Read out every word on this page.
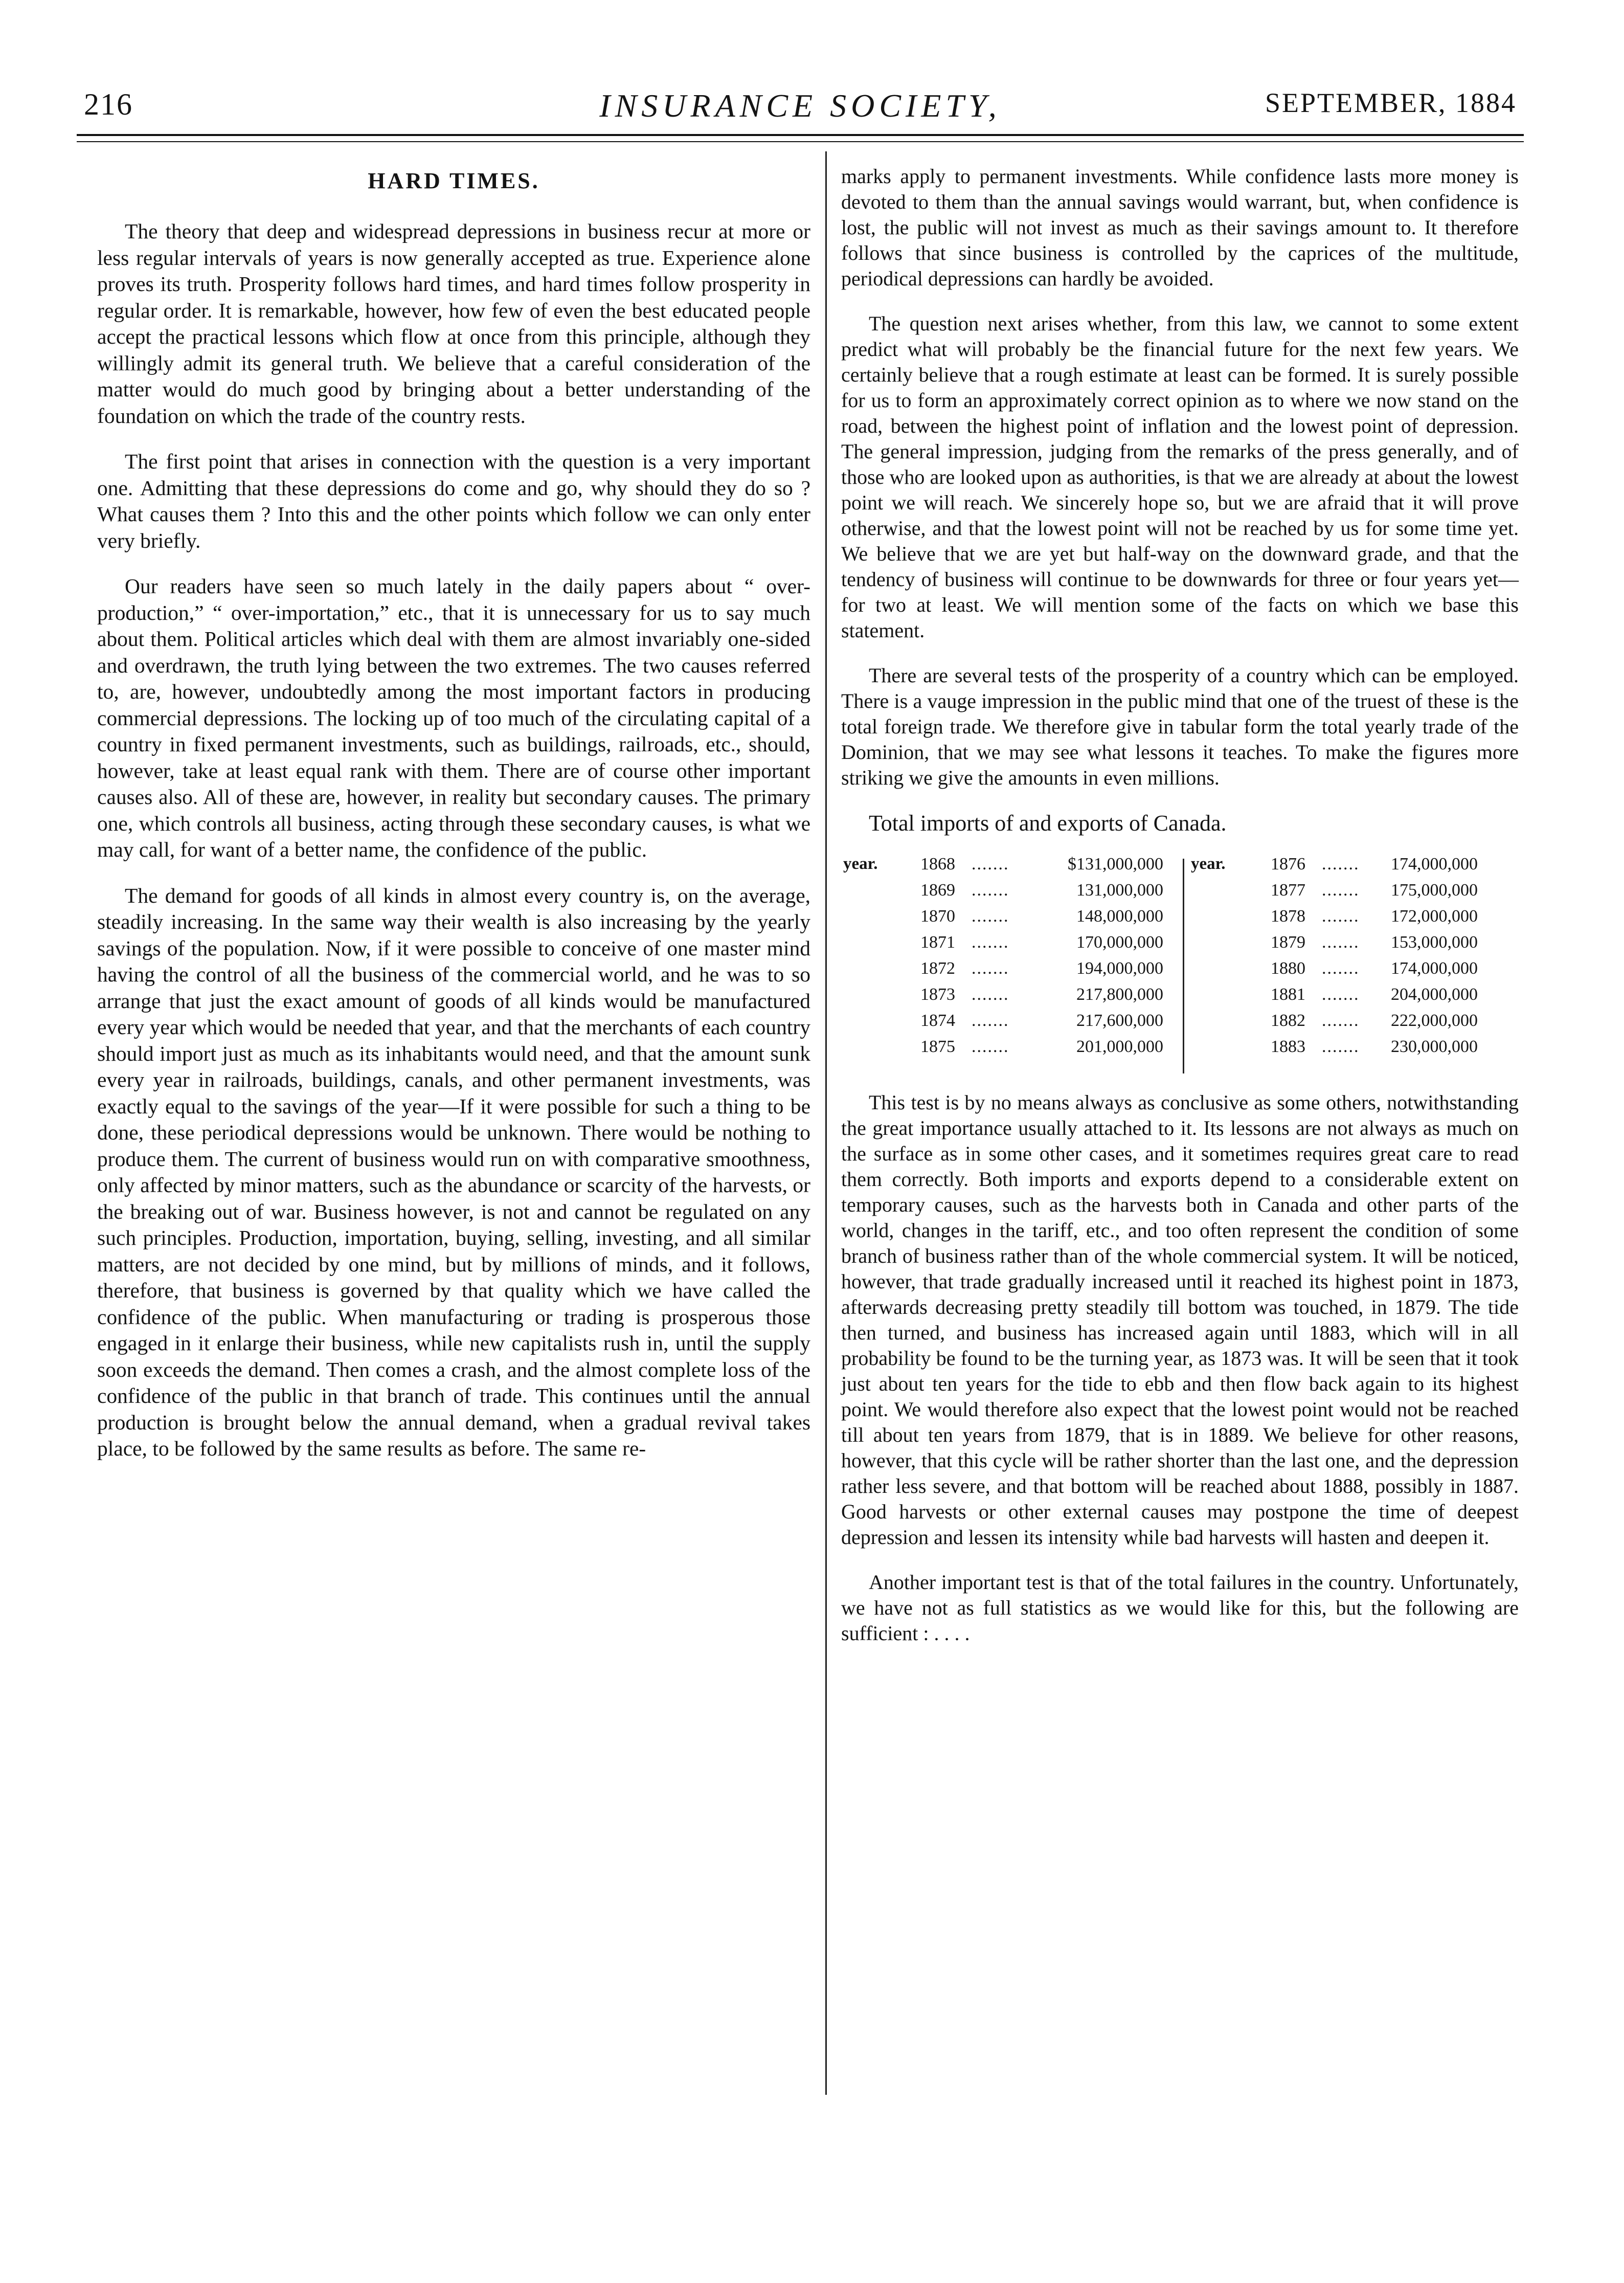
216	INSURANCE SOCIETY,	SEPTEMBER, 1884
HARD TIMES.

The theory that deep and widespread depressions in business recur at more or less regular intervals of years is now generally accepted as true. Experience alone proves its truth. Prosperity follows hard times, and hard times follow prosperity in regular order. It is remarkable, however, how few of even the best educated people accept the practical lessons which flow at once from this principle, although they willingly admit its general truth. We believe that a careful consideration of the matter would do much good by bringing about a better understanding of the foundation on which the trade of the country rests.

The first point that arises in connection with the question is a very important one. Admitting that these depressions do come and go, why should they do so ? What causes them ? Into this and the other points which follow we can only enter very briefly.

Our readers have seen so much lately in the daily papers about “ over-production,” “ over-importation,” etc., that it is unnecessary for us to say much about them. Political articles which deal with them are almost invariably one-sided and overdrawn, the truth lying between the two extremes. The two causes referred to, are, however, undoubtedly among the most important factors in producing commercial depressions. The locking up of too much of the circulating capital of a country in fixed permanent investments, such as buildings, railroads, etc., should, however, take at least equal rank with them. There are of course other important causes also. All of these are, however, in reality but secondary causes. The primary one, which controls all business, acting through these secondary causes, is what we may call, for want of a better name, the confidence of the public.

The demand for goods of all kinds in almost every country is, on the average, steadily increasing. In the same way their wealth is also increasing by the yearly savings of the population. Now, if it were possible to conceive of one master mind having the control of all the business of the commercial world, and he was to so arrange that just the exact amount of goods of all kinds would be manufactured every year which would be needed that year, and that the merchants of each country should import just as much as its inhabitants would need, and that the amount sunk every year in railroads, buildings, canals, and other permanent investments, was exactly equal to the savings of the year—If it were possible for such a thing to be done, these periodical depressions would be unknown. There would be nothing to produce them. The current of business would run on with comparative smoothness, only affected by minor matters, such as the abundance or scarcity of the harvests, or the breaking out of war. Business however, is not and cannot be regulated on any such principles. Production, importation, buying, selling, investing, and all similar matters, are not decided by one mind, but by millions of minds, and it follows, therefore, that business is governed by that quality which we have called the confidence of the public. When manufacturing or trading is prosperous those engaged in it enlarge their business, while new capitalists rush in, until the supply soon exceeds the demand. Then comes a crash, and the almost complete loss of the confidence of the public in that branch of trade. This continues until the annual production is brought below the annual demand, when a gradual revival takes place, to be followed by the same results as before. The same re-

marks apply to permanent investments. While confidence lasts more money is devoted to them than the annual savings would warrant, but, when confidence is lost, the public will not invest as much as their savings amount to. It therefore follows that since business is controlled by the caprices of the multitude, periodical depressions can hardly be avoided.

The question next arises whether, from this law, we cannot to some extent predict what will probably be the financial future for the next few years. We certainly believe that a rough estimate at least can be formed. It is surely possible for us to form an approximately correct opinion as to where we now stand on the road, between the highest point of inflation and the lowest point of depression. The general impression, judging from the remarks of the press generally, and of those who are looked upon as authorities, is that we are already at about the lowest point we will reach. We sincerely hope so, but we are afraid that it will prove otherwise, and that the lowest point will not be reached by us for some time yet. We believe that we are yet but half-way on the downward grade, and that the tendency of business will continue to be downwards for three or four years yet—for two at least. We will mention some of the facts on which we base this statement.

There are several tests of the prosperity of a country which can be employed. There is a vauge impression in the public mind that one of the truest of these is the total foreign trade. We therefore give in tabular form the total yearly trade of the Dominion, that we may see what lessons it teaches. To make the figures more striking we give the amounts in even millions.

Total imports of and exports of Canada.
year. 1868 .......	$131,000,000
1869 .......	131,000,000
1870 .......	148,000,000
1871 .......	170,000,000
1872 .......	194,000,000
1873 .......	217,800,000
1874 .......	217,600,000
1875 .......	201,000,000
year.	1876 ....... 174,000,000
1877 ....... 175,000,000
1878 ....... 172,000,000
1879 ....... 153,000,000
1880 ....... 174,000,000
1881 ....... 204,000,000
1882 ....... 222,000,000
1883 ....... 230,000,000

This test is by no means always as conclusive as some others, notwithstanding the great importance usually attached to it. Its lessons are not always as much on the surface as in some other cases, and it sometimes requires great care to read them correctly. Both imports and exports depend to a considerable extent on temporary causes, such as the harvests both in Canada and other parts of the world, changes in the tariff, etc., and too often represent the condition of some branch of business rather than of the whole commercial system. It will be noticed, however, that trade gradually increased until it reached its highest point in 1873, afterwards decreasing pretty steadily till bottom was touched, in 1879. The tide then turned, and business has increased again until 1883, which will in all probability be found to be the turning year, as 1873 was. It will be seen that it took just about ten years for the tide to ebb and then flow back again to its highest point. We would therefore also expect that the lowest point would not be reached till about ten years from 1879, that is in 1889. We believe for other reasons, however, that this cycle will be rather shorter than the last one, and the depression rather less severe, and that bottom will be reached about 1888, possibly in 1887. Good harvests or other external causes may postpone the time of deepest depression and lessen its intensity while bad harvests will hasten and deepen it.

Another important test is that of the total failures in the country. Unfortunately, we have not as full statistics as we would like for this, but the following are sufficient : . . . .
